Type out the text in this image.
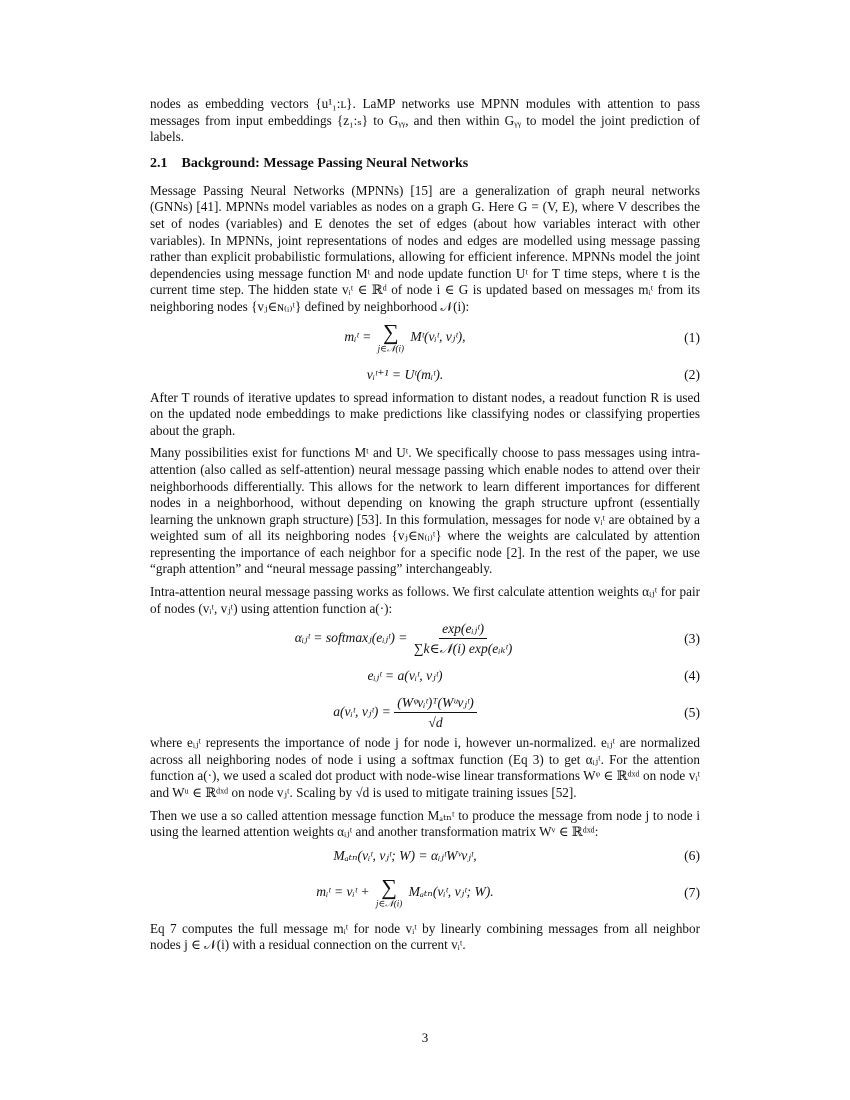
nodes as embedding vectors {u¹₁:ʟ}. LaMP networks use MPNN modules with attention to pass messages from input embeddings {z₁:ₛ} to Gᵧᵧ, and then within Gᵧᵧ to model the joint prediction of labels.

2.1 Background: Message Passing Neural Networks

Message Passing Neural Networks (MPNNs) [15] are a generalization of graph neural networks (GNNs) [41]. MPNNs model variables as nodes on a graph G. Here G = (V, E), where V describes the set of nodes (variables) and E denotes the set of edges (about how variables interact with other variables). In MPNNs, joint representations of nodes and edges are modelled using message passing rather than explicit probabilistic formulations, allowing for efficient inference. MPNNs model the joint dependencies using message function Mᵗ and node update function Uᵗ for T time steps, where t is the current time step. The hidden state vᵢᵗ ∈ ℝᵈ of node i ∈ G is updated based on messages mᵢᵗ from its neighboring nodes {vⱼ∈ɴ₍ᵢ₎ᵗ} defined by neighborhood 𝒩(i):

mᵢᵗ = ∑
j∈𝒩(i)
Mᵗ(vᵢᵗ, vⱼᵗ),	(1)
vᵢᵗ⁺¹ = Uᵗ(mᵢᵗ).	(2)

After T rounds of iterative updates to spread information to distant nodes, a readout function R is used on the updated node embeddings to make predictions like classifying nodes or classifying properties about the graph.

Many possibilities exist for functions Mᵗ and Uᵗ. We specifically choose to pass messages using intra-attention (also called as self-attention) neural message passing which enable nodes to attend over their neighborhoods differentially. This allows for the network to learn different importances for different nodes in a neighborhood, without depending on knowing the graph structure upfront (essentially learning the unknown graph structure) [53]. In this formulation, messages for node vᵢᵗ are obtained by a weighted sum of all its neighboring nodes {vⱼ∈ɴ₍ᵢ₎ᵗ} where the weights are calculated by attention representing the importance of each neighbor for a specific node [2]. In the rest of the paper, we use “graph attention” and “neural message passing” interchangeably.

Intra-attention neural message passing works as follows. We first calculate attention weights αᵢⱼᵗ for pair of nodes (vᵢᵗ, vⱼᵗ) using attention function a(·):

αᵢⱼᵗ = softmaxⱼ(eᵢⱼᵗ) = $\frac{\text{exp(eᵢⱼᵗ)}}{\text{∑k∈𝒩(i) exp(eᵢₖᵗ)}}$	(3)
eᵢⱼᵗ = a(vᵢᵗ, vⱼᵗ)	(4)
a(vᵢᵗ, vⱼᵗ) = $\frac{\text{(Wᵠvᵢᵗ)ᵀ(Wᵘvⱼᵗ)}}{√d}$	(5)

where eᵢⱼᵗ represents the importance of node j for node i, however un-normalized. eᵢⱼᵗ are normalized across all neighboring nodes of node i using a softmax function (Eq 3) to get αᵢⱼᵗ. For the attention function a(·), we used a scaled dot product with node-wise linear transformations Wᵠ ∈ ℝᵈˣᵈ on node vᵢᵗ and Wᵘ ∈ ℝᵈˣᵈ on node vⱼᵗ. Scaling by √d is used to mitigate training issues [52].

Then we use a so called attention message function Mₐₜₙᵗ to produce the message from node j to node i using the learned attention weights αᵢⱼᵗ and another transformation matrix Wᵛ ∈ ℝᵈˣᵈ:

Mₐₜₙ(vᵢᵗ, vⱼᵗ; W) = αᵢⱼᵗWᵛvⱼᵗ,	(6)
mᵢᵗ = vᵢᵗ + ∑
j∈𝒩(i)
Mₐₜₙ(vᵢᵗ, vⱼᵗ; W).	(7)

Eq 7 computes the full message mᵢᵗ for node vᵢᵗ by linearly combining messages from all neighbor nodes j ∈ 𝒩(i) with a residual connection on the current vᵢᵗ.

3
